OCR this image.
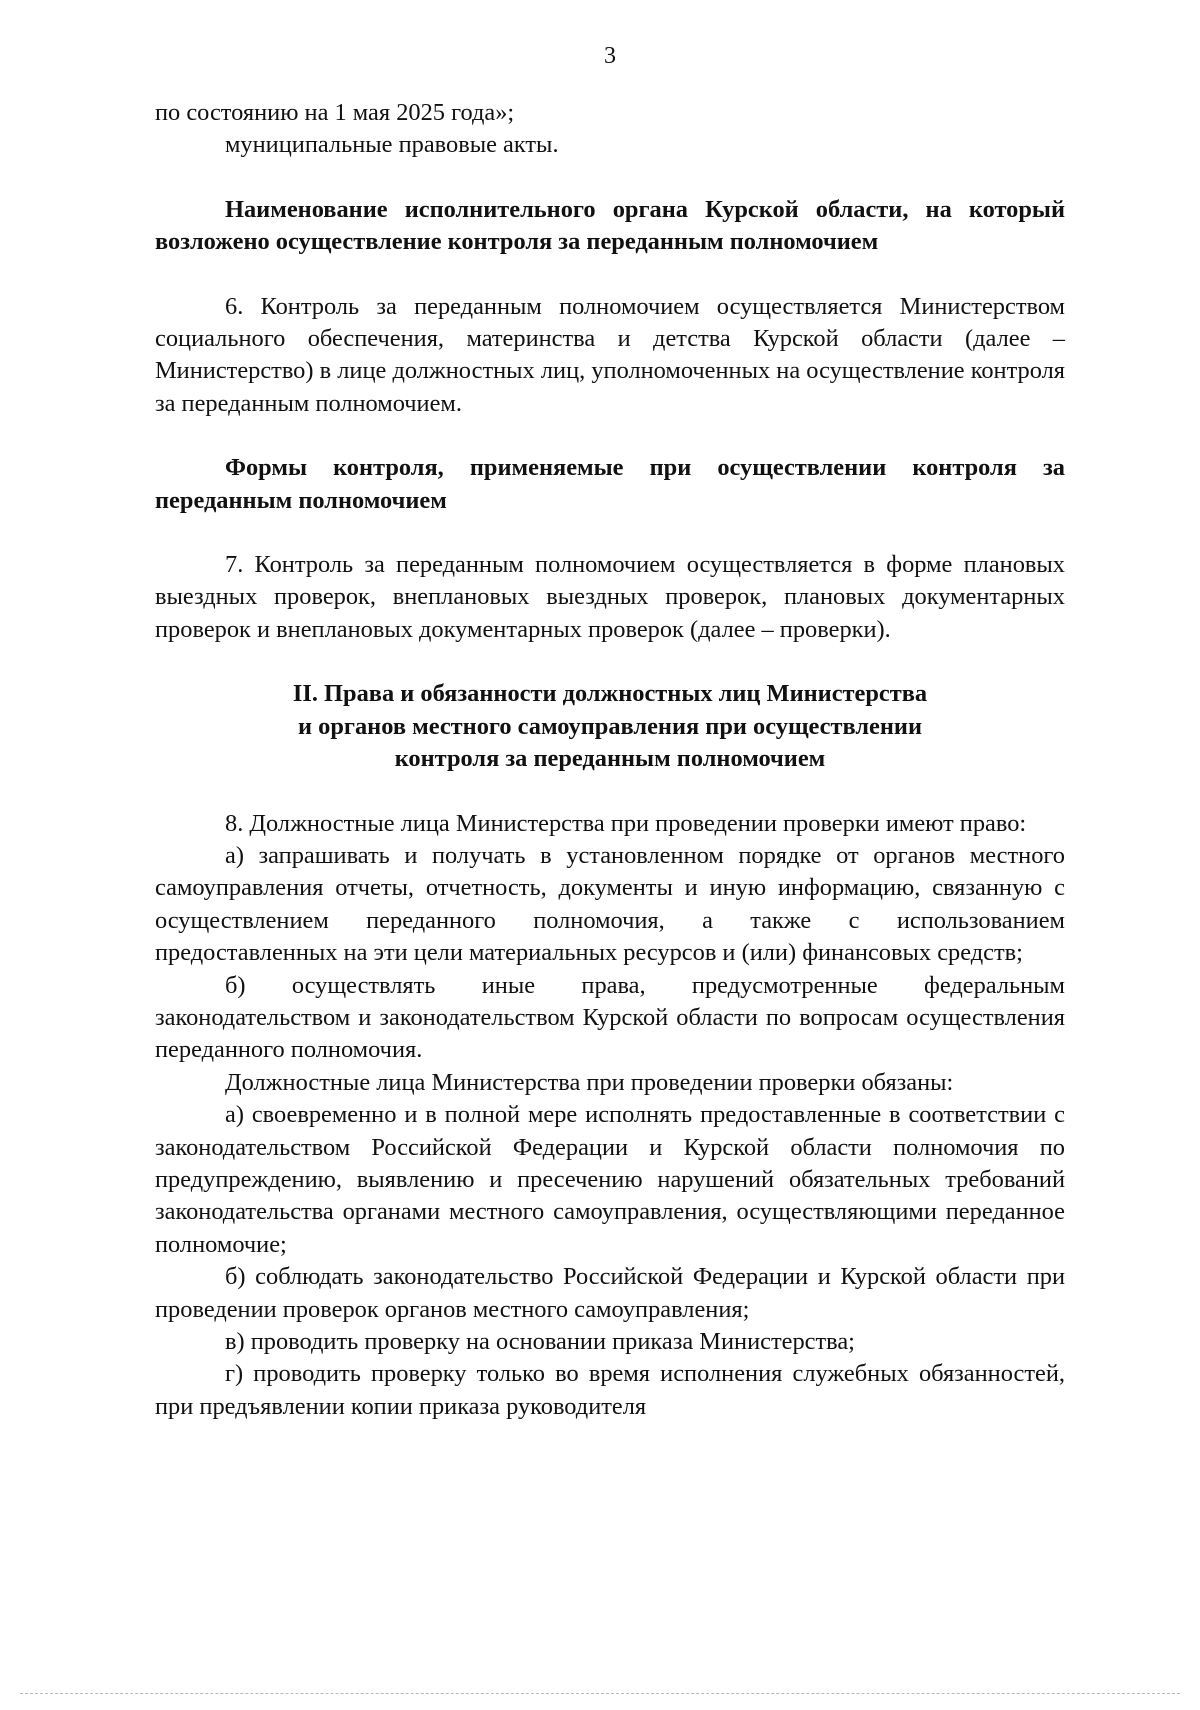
3

по состоянию на 1 мая 2025 года»;

муниципальные правовые акты.

Наименование исполнительного органа Курской области, на который возложено осуществление контроля за переданным полномочием

6. Контроль за переданным полномочием осуществляется Министерством социального обеспечения, материнства и детства Курской области (далее – Министерство) в лице должностных лиц, уполномоченных на осуществление контроля за переданным полномочием.

Формы контроля, применяемые при осуществлении контроля за переданным полномочием

7. Контроль за переданным полномочием осуществляется в форме плановых выездных проверок, внеплановых выездных проверок, плановых документарных проверок и внеплановых документарных проверок (далее – проверки).

II. Права и обязанности должностных лиц Министерства

и органов местного самоуправления при осуществлении

контроля за переданным полномочием

8. Должностные лица Министерства при проведении проверки имеют право:

а) запрашивать и получать в установленном порядке от органов местного самоуправления отчеты, отчетность, документы и иную информацию, связанную с осуществлением переданного полномочия, а также с использованием предоставленных на эти цели материальных ресурсов и (или) финансовых средств;

б) осуществлять иные права, предусмотренные федеральным законодательством и законодательством Курской области по вопросам осуществления переданного полномочия.

Должностные лица Министерства при проведении проверки обязаны:

а) своевременно и в полной мере исполнять предоставленные в соответствии с законодательством Российской Федерации и Курской области полномочия по предупреждению, выявлению и пресечению нарушений обязательных требований законодательства органами местного самоуправления, осуществляющими переданное полномочие;

б) соблюдать законодательство Российской Федерации и Курской области при проведении проверок органов местного самоуправления;

в) проводить проверку на основании приказа Министерства;

г) проводить проверку только во время исполнения служебных обязанностей, при предъявлении копии приказа руководителя
